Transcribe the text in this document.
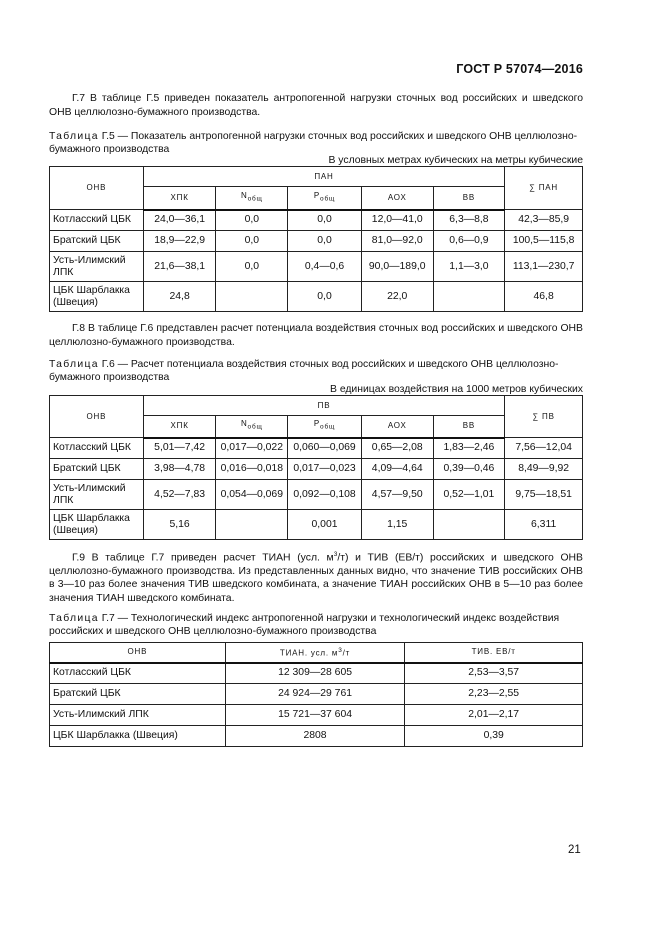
ГОСТ Р 57074—2016

Г.7 В таблице Г.5 приведен показатель антропогенной нагрузки сточных вод российских и шведского ОНВ целлюлозно-бумажного производства.

Таблица Г.5 — Показатель антропогенной нагрузки сточных вод российских и шведского ОНВ целлюлозно-бумажного производства

В условных метрах кубических на метры кубические
ОНВ	ПАН					∑ ПАН
	ХПК	$N_{общ}$	$P_{общ}$	АОХ	ВВ	
Котласский ЦБК	24,0—36,1	0,0	0,0	12,0—41,0	6,3—8,8	42,3—85,9
Братский ЦБК	18,9—22,9	0,0	0,0	81,0—92,0	0,6—0,9	100,5—115,8
Усть-Илимский ЛПК	21,6—38,1	0,0	0,4—0,6	90,0—189,0	1,1—3,0	113,1—230,7
ЦБК Шарблакка (Швеция)	24,8		0,0	22,0		46,8

Г.8 В таблице Г.6 представлен расчет потенциала воздействия сточных вод российских и шведского ОНВ целлюлозно-бумажного производства.

Таблица Г.6 — Расчет потенциала воздействия сточных вод российских и шведского ОНВ целлюлозно-бумажного производства

В единицах воздействия на 1000 метров кубических
ОНВ	ПВ					∑ ПВ
	ХПК	$N_{общ}$	$P_{общ}$	АОХ	ВВ	
Котласский ЦБК	5,01—7,42	0,017—0,022	0,060—0,069	0,65—2,08	1,83—2,46	7,56—12,04
Братский ЦБК	3,98—4,78	0,016—0,018	0,017—0,023	4,09—4,64	0,39—0,46	8,49—9,92
Усть-Илимский ЛПК	4,52—7,83	0,054—0,069	0,092—0,108	4,57—9,50	0,52—1,01	9,75—18,51
ЦБК Шарблакка (Швеция)	5,16		0,001	1,15		6,311

Г.9 В таблице Г.7 приведен расчет ТИАН (усл. $м^3/т$) и ТИВ (ЕВ/т) российских и шведского ОНВ целлюлозно-бумажного производства. Из представленных данных видно, что значение ТИВ российских ОНВ в 3—10 раз более значения ТИВ шведского комбината, а значение ТИАН российских ОНВ в 5—10 раз более значения ТИАН шведского комбината.

Таблица Г.7 — Технологический индекс антропогенной нагрузки и технологический индекс воздействия российских и шведского ОНВ целлюлозно-бумажного производства

ОНВ	ТИАН. усл. $м^3/т$	ТИВ. ЕВ/т
Котласский ЦБК	12 309—28 605	2,53—3,57
Братский ЦБК	24 924—29 761	2,23—2,55
Усть-Илимский ЛПК	15 721—37 604	2,01—2,17
ЦБК Шарблакка (Швеция)	2808	0,39
21
